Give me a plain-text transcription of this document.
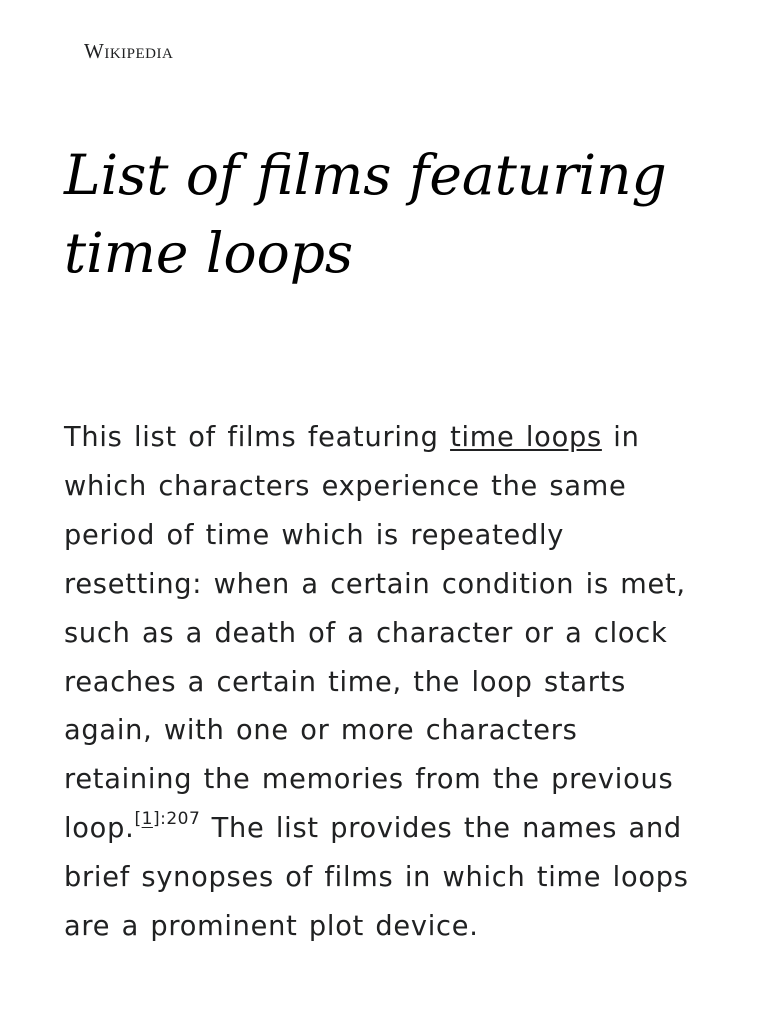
Wikipedia
List of films featuring time loops

This list of films featuring time loops in which characters experience the same period of time which is repeatedly resetting: when a certain condition is met, such as a death of a character or a clock reaches a certain time, the loop starts again, with one or more characters retaining the memories from the previous loop.$^{[1]:207}$ The list provides the names and brief synopses of films in which time loops are a prominent plot device.
